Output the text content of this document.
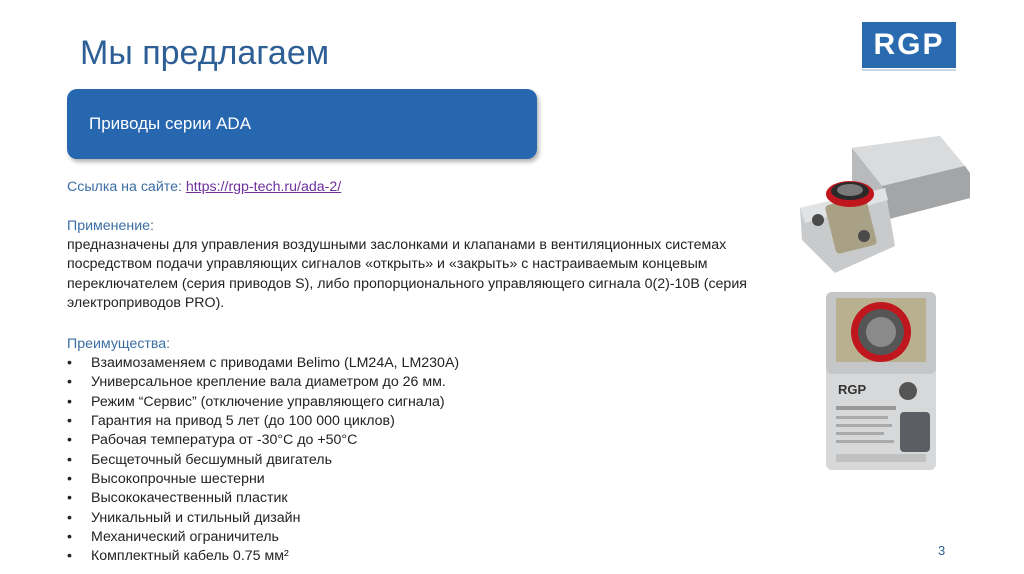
Мы предлагаем	RGP
Приводы серии ADA
Ссылка на сайте: https://rgp-tech.ru/ada-2/
Применение:
предназначены для управления воздушными заслонками и клапанами в вентиляционных системах посредством подачи управляющих сигналов «открыть» и «закрыть» с настраиваемым концевым переключателем (серия приводов S), либо пропорционального управляющего сигнала 0(2)-10В (серия электроприводов PRO).
Преимущества:
•	Взаимозаменяем с приводами Belimo (LM24A, LM230A)
•	Универсальное крепление вала диаметром до 26 мм.
•	Режим “Сервис” (отключение управляющего сигнала)
•	Гарантия на привод 5 лет (до 100 000 циклов)
•	Рабочая температура от -30°C до +50°C
•	Бесщеточный бесшумный двигатель
•	Высокопрочные шестерни
•	Высококачественный пластик
•	Уникальный и стильный дизайн
•	Механический ограничитель
•	Комплектный кабель 0.75 мм²
RGP
3
